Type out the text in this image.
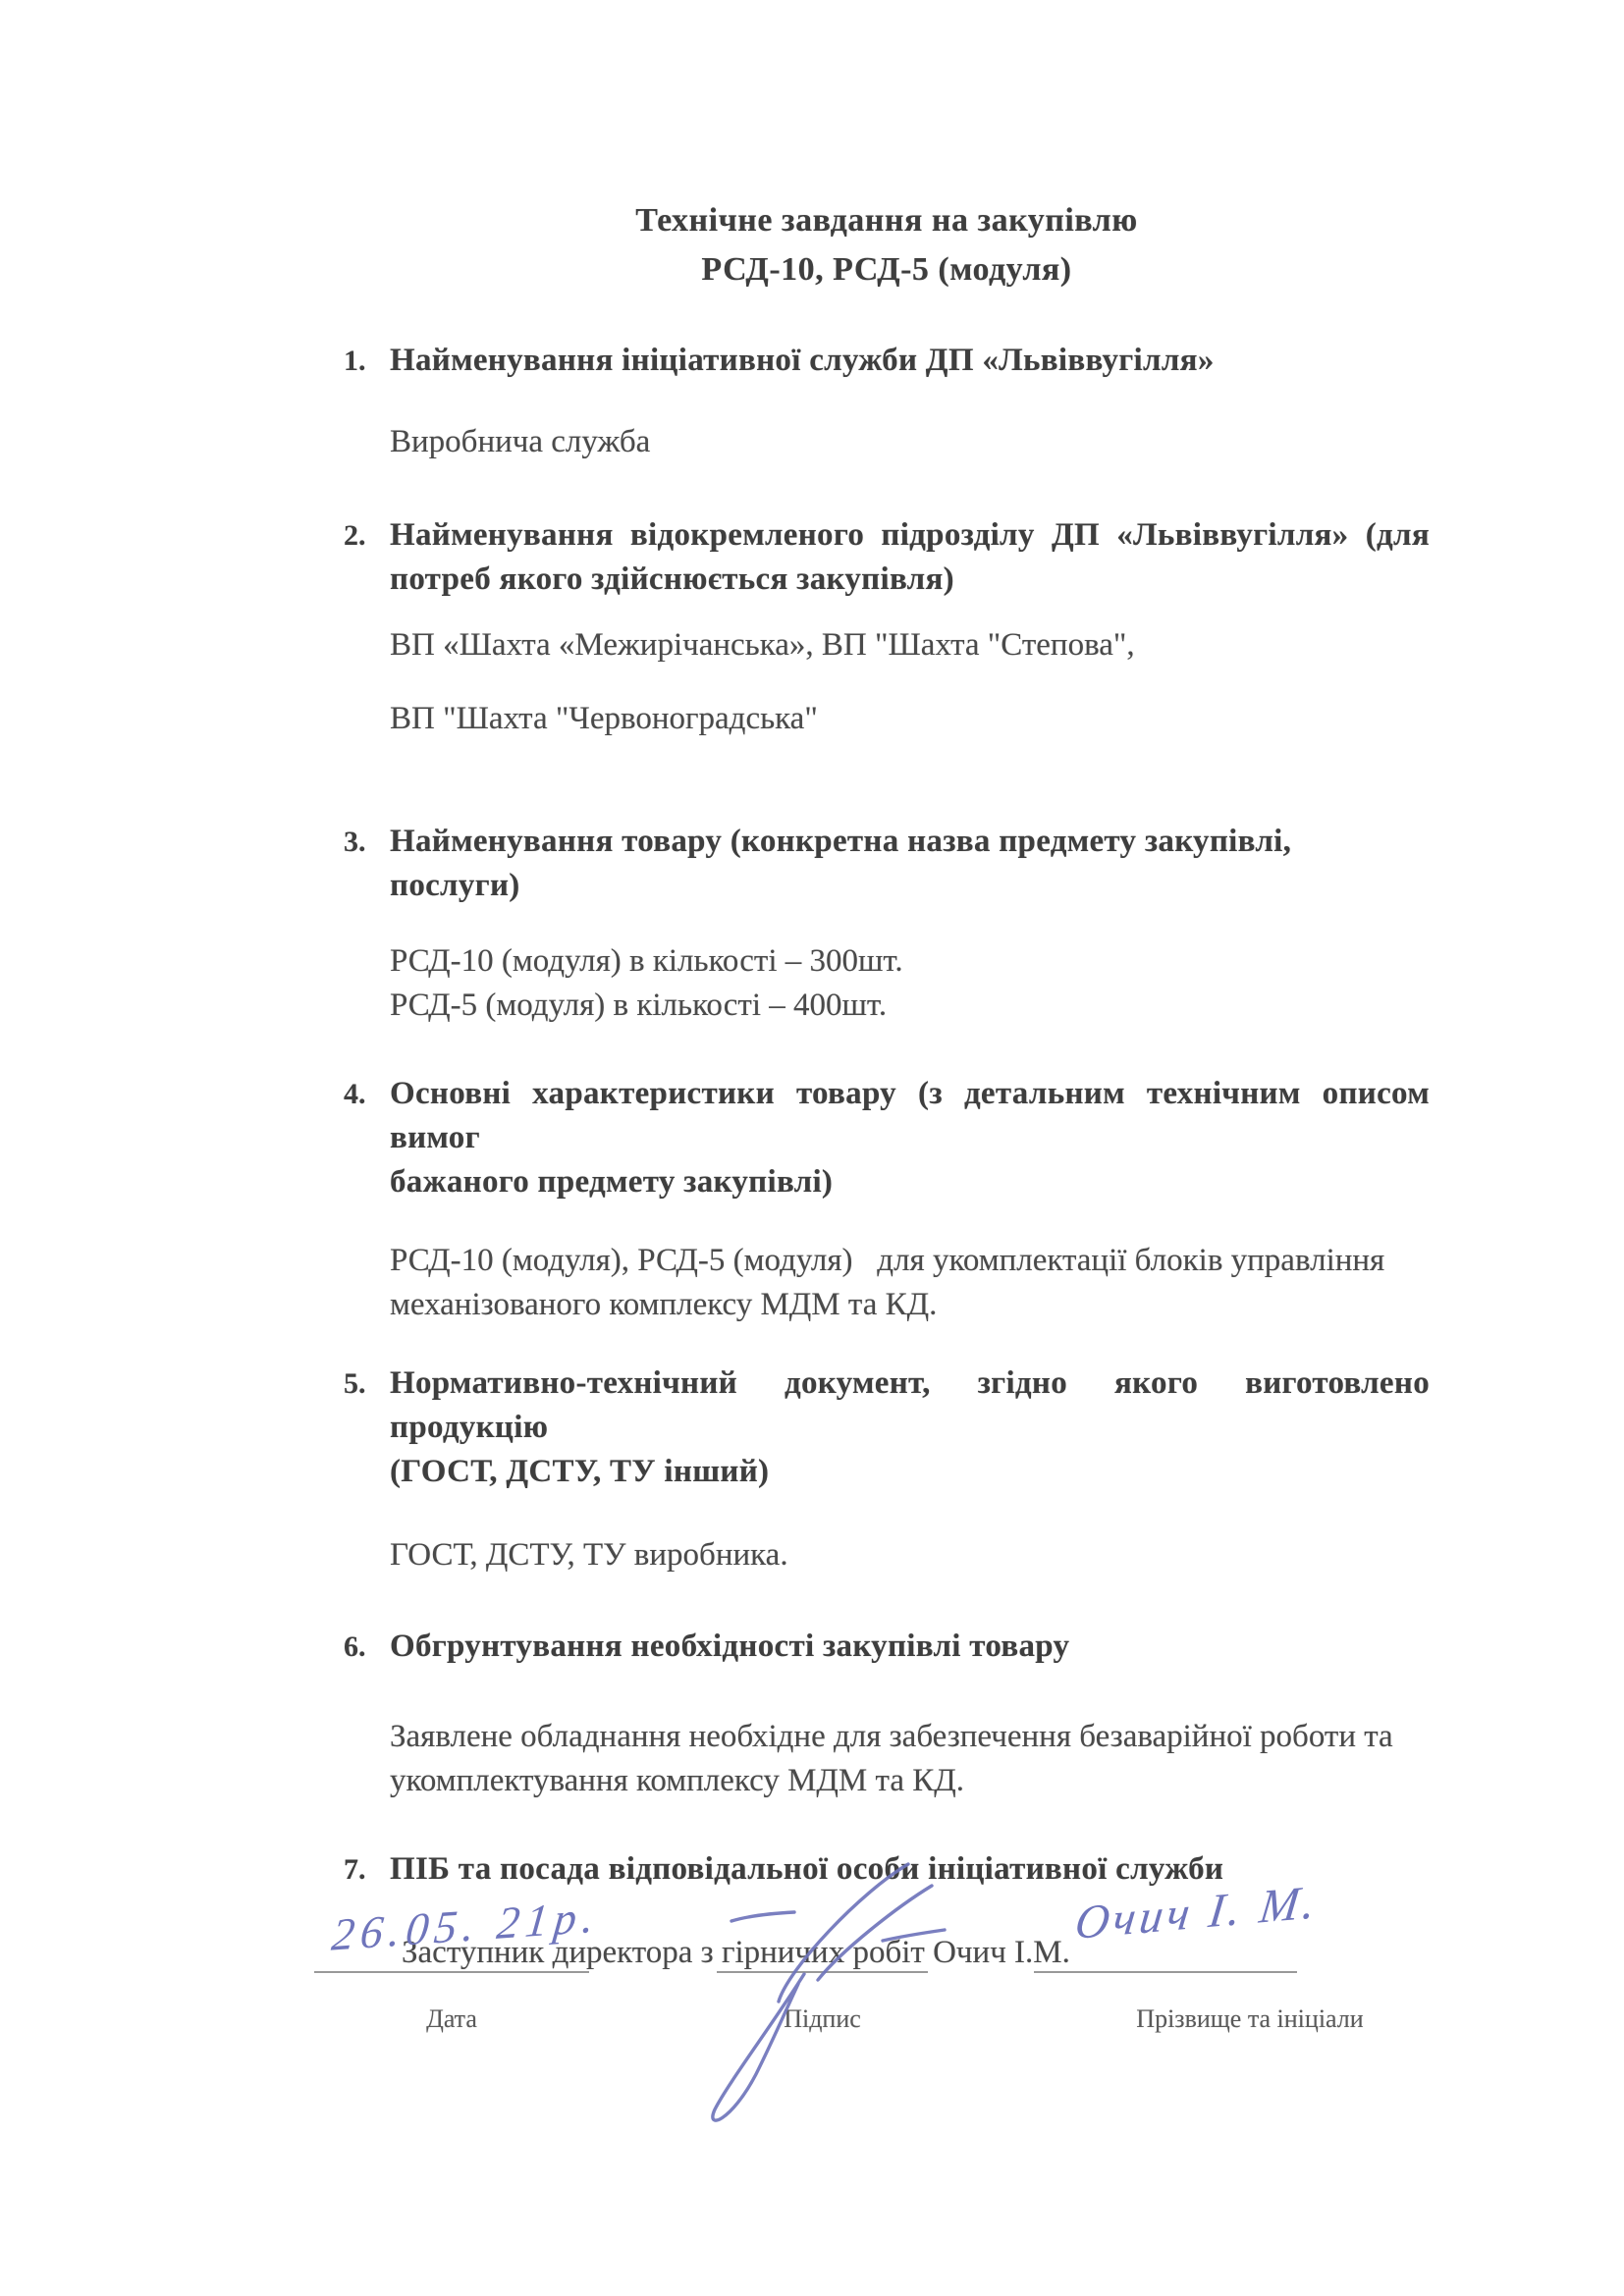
Технічне завдання на закупівлю
РСД-10, РСД-5 (модуля)
1. Найменування ініціативної служби ДП «Львіввугілля»
Виробнича служба
2. Найменування відокремленого підрозділу ДП «Львіввугілля» (для
потреб якого здійснюється закупівля)
ВП «Шахта «Межирічанська», ВП "Шахта "Степова",
ВП "Шахта "Червоноградська"
3. Найменування товару (конкретна назва предмету закупівлі, послуги)
РСД-10 (модуля) в кількості – 300шт.
РСД-5 (модуля) в кількості – 400шт.
4. Основні характеристики товару (з детальним технічним описом вимог
бажаного предмету закупівлі)
РСД-10 (модуля), РСД-5 (модуля)   для укомплектації блоків управління
механізованого комплексу МДМ та КД.
5. Нормативно-технічний документ, згідно якого виготовлено продукцію
(ГОСТ, ДСТУ, ТУ інший)
ГОСТ, ДСТУ, ТУ виробника.
6. Обгрунтування необхідності закупівлі товару
Заявлене обладнання необхідне для забезпечення безаварійної роботи та
укомплектування комплексу МДМ та КД.
7. ПІБ та посада відповідальної особи ініціативної служби
Заступник директора з гірничих робіт Очич І.М.
26.05. 21р.
Дата	Підпис
Очич І. М.
Прізвище та ініціали
